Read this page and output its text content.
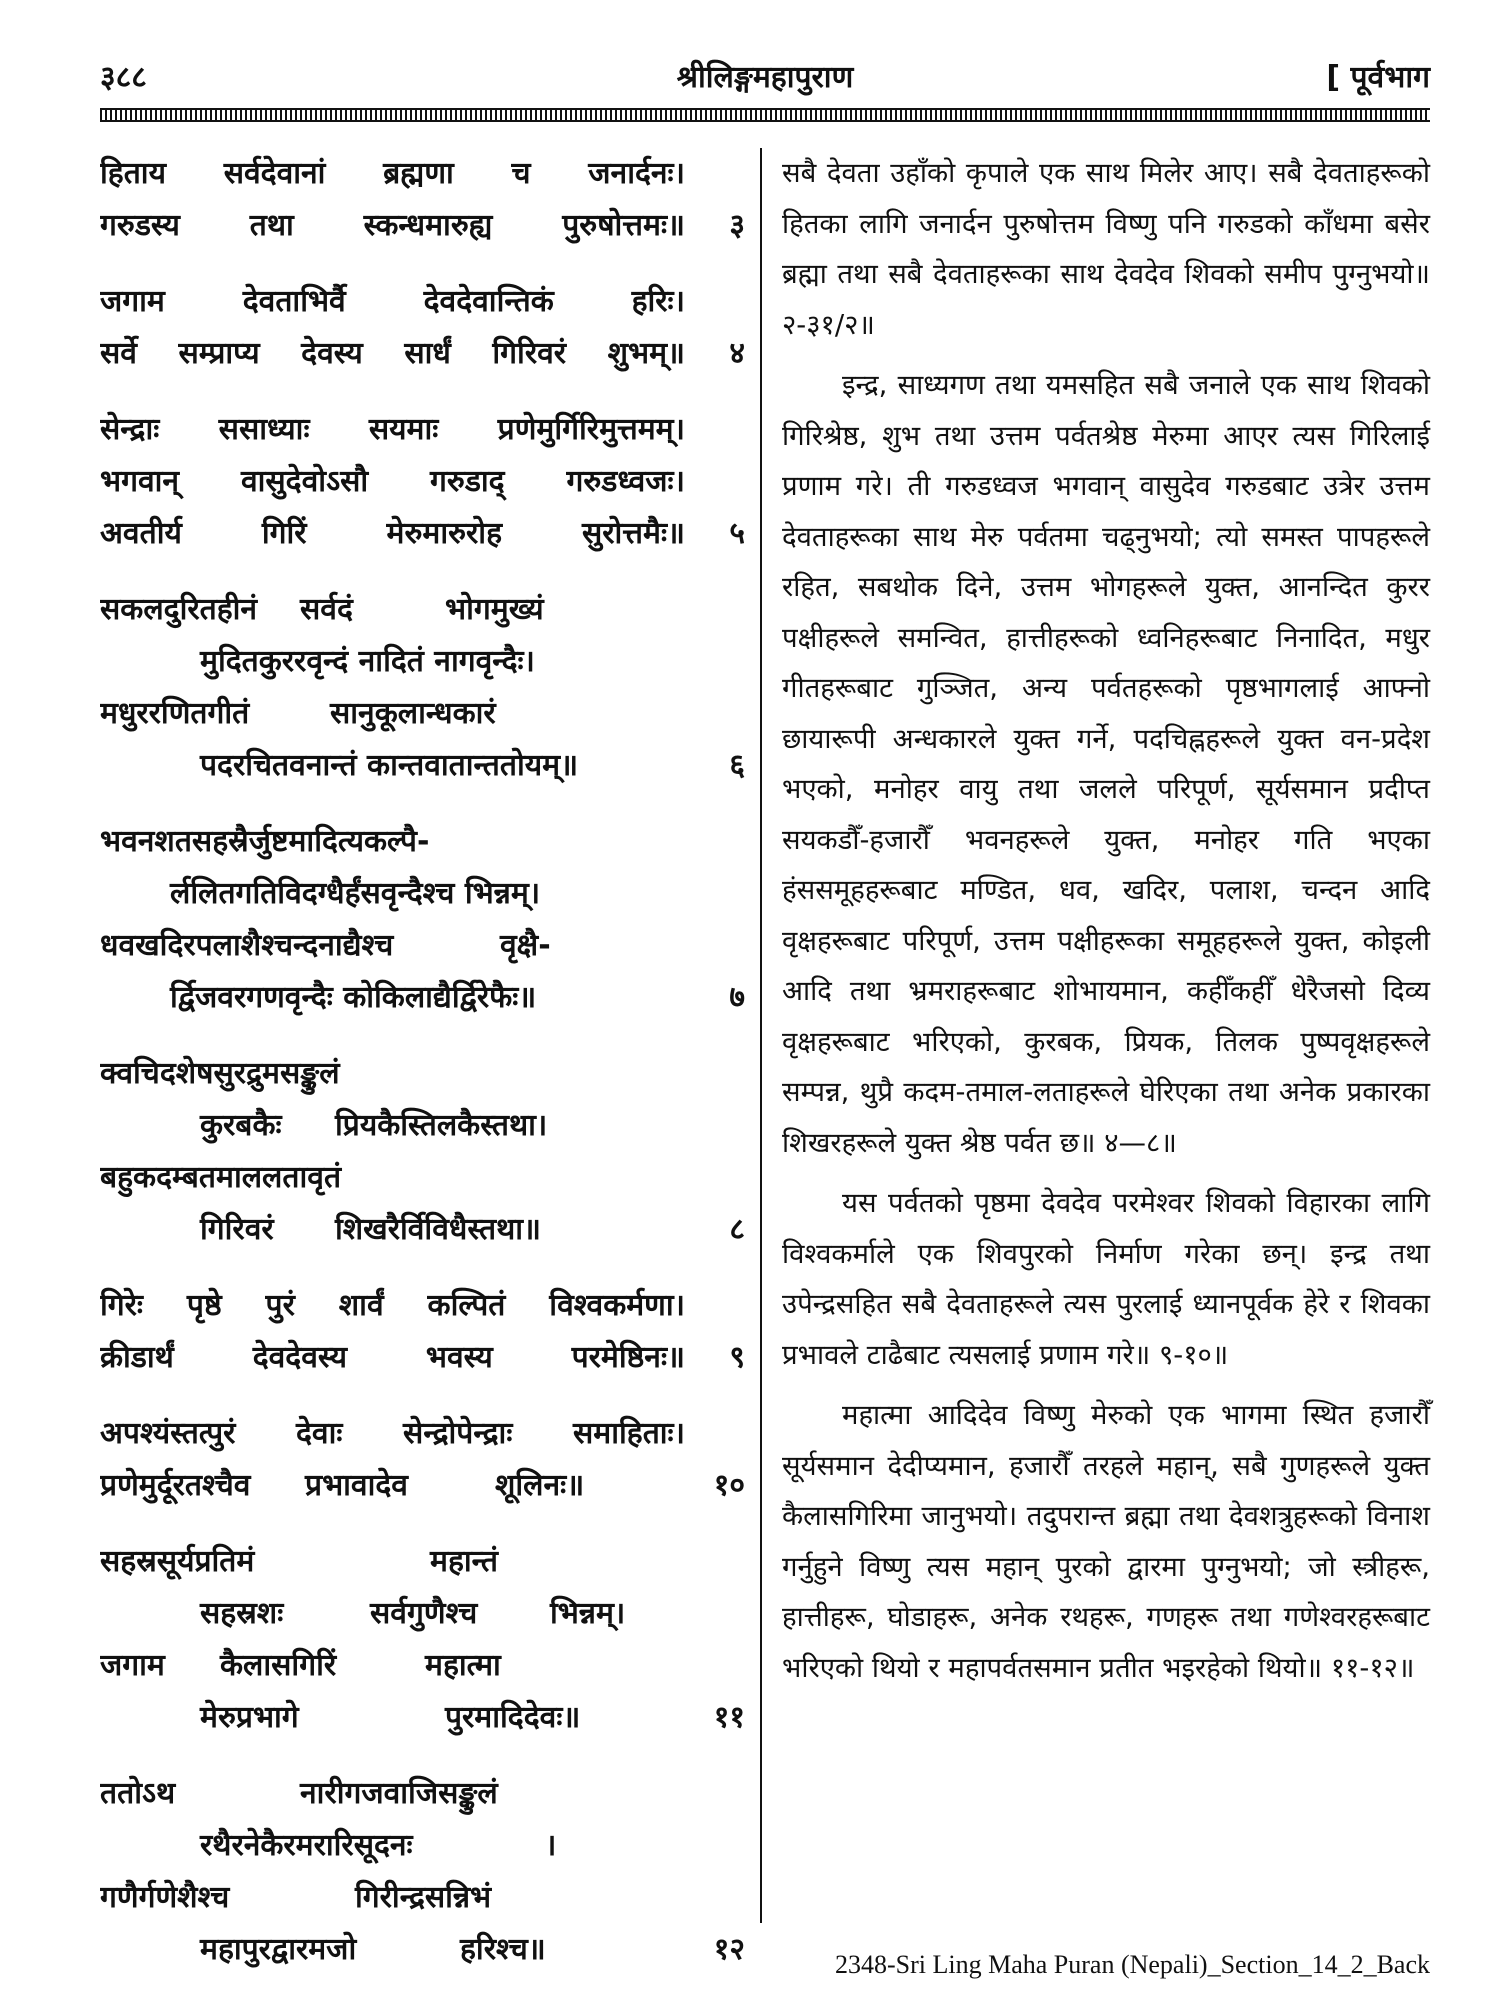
३८८	श्रीलिङ्गमहापुराण	[ पूर्वभाग
हिताय सर्वदेवानां ब्रह्मणा च जनार्दनः।
गरुडस्य तथा स्कन्धमारुह्य पुरुषोत्तमः॥ ३
जगाम देवताभिर्वै देवदेवान्तिकं हरिः।
सर्वे सम्प्राप्य देवस्य सार्धं गिरिवरं शुभम्॥ ४
सेन्द्राः ससाध्याः सयमाः प्रणेमुर्गिरिमुत्तमम्।
भगवान् वासुदेवोऽसौ गरुडाद् गरुडध्वजः।
अवतीर्य गिरिं मेरुमारुरोह सुरोत्तमैः॥ ५
सकलदुरितहीनं सर्वदं	भोगमुख्यं
मुदितकुररवृन्दं नादितं नागवृन्दैः।
मधुररणितगीतं	सानुकूलान्धकारं
पदरचितवनान्तं कान्तवातान्ततोयम्॥	६
भवनशतसहस्रैर्जुष्टमादित्यकल्पै-
र्ललितगतिविदग्धैर्हंसवृन्दैश्च भिन्नम्।
धवखदिरपलाशैश्चन्दनाद्यैश्च	वृक्षै-
र्द्विजवरगणवृन्दैः कोकिलाद्यैर्द्विरेफैः॥	७
क्वचिदशेषसुरद्रुमसङ्कुलं
कुरबकैः प्रियकैस्तिलकैस्तथा।
बहुकदम्बतमाललतावृतं
गिरिवरं शिखरैर्विविधैस्तथा॥	८
गिरेः पृष्ठे पुरं शार्वं कल्पितं विश्वकर्मणा।
क्रीडार्थं देवदेवस्य भवस्य परमेष्ठिनः॥ ९
अपश्यंस्तत्पुरं देवाः सेन्द्रोपेन्द्राः समाहिताः।
प्रणेमुर्दूरतश्चैव प्रभावादेव	शूलिनः॥	१०
सहस्रसूर्यप्रतिमं	महान्तं
सहस्रशः	सर्वगुणैश्च भिन्नम्।
जगाम कैलासगिरिं	महात्मा
मेरुप्रभागे	पुरमादिदेवः॥	११
ततोऽथ	नारीगजवाजिसङ्कुलं
रथैरनेकैरमरारिसूदनः	।
गणैर्गणेशैश्च	गिरीन्द्रसन्निभं
महापुरद्वारमजो	हरिश्च॥	१२

सबै देवता उहाँको कृपाले एक साथ मिलेर आए। सबै देवताहरूको हितका लागि जनार्दन पुरुषोत्तम विष्णु पनि गरुडको काँधमा बसेर ब्रह्मा तथा सबै देवताहरूका साथ देवदेव शिवको समीप पुग्नुभयो॥ २-३१/२॥

इन्द्र, साध्यगण तथा यमसहित सबै जनाले एक साथ शिवको गिरिश्रेष्ठ, शुभ तथा उत्तम पर्वतश्रेष्ठ मेरुमा आएर त्यस गिरिलाई प्रणाम गरे। ती गरुडध्वज भगवान् वासुदेव गरुडबाट उत्रेर उत्तम देवताहरूका साथ मेरु पर्वतमा चढ्नुभयो; त्यो समस्त पापहरूले रहित, सबथोक दिने, उत्तम भोगहरूले युक्त, आनन्दित कुरर पक्षीहरूले समन्वित, हात्तीहरूको ध्वनिहरूबाट निनादित, मधुर गीतहरूबाट गुञ्जित, अन्य पर्वतहरूको पृष्ठभागलाई आफ्नो छायारूपी अन्धकारले युक्त गर्ने, पदचिह्नहरूले युक्त वन-प्रदेश भएको, मनोहर वायु तथा जलले परिपूर्ण, सूर्यसमान प्रदीप्त सयकडौँ-हजारौँ भवनहरूले युक्त, मनोहर गति भएका हंससमूहहरूबाट मण्डित, धव, खदिर, पलाश, चन्दन आदि वृक्षहरूबाट परिपूर्ण, उत्तम पक्षीहरूका समूहहरूले युक्त, कोइली आदि तथा भ्रमराहरूबाट शोभायमान, कहीँकहीँ धेरैजसो दिव्य वृक्षहरूबाट भरिएको, कुरबक, प्रियक, तिलक पुष्पवृक्षहरूले सम्पन्न, थुप्रै कदम-तमाल-लताहरूले घेरिएका तथा अनेक प्रकारका शिखरहरूले युक्त श्रेष्ठ पर्वत छ॥ ४—८॥

यस पर्वतको पृष्ठमा देवदेव परमेश्वर शिवको विहारका लागि विश्वकर्माले एक शिवपुरको निर्माण गरेका छन्। इन्द्र तथा उपेन्द्रसहित सबै देवताहरूले त्यस पुरलाई ध्यानपूर्वक हेरे र शिवका प्रभावले टाढैबाट त्यसलाई प्रणाम गरे॥ ९-१०॥

महात्मा आदिदेव विष्णु मेरुको एक भागमा स्थित हजारौँ सूर्यसमान देदीप्यमान, हजारौँ तरहले महान्, सबै गुणहरूले युक्त कैलासगिरिमा जानुभयो। तदुपरान्त ब्रह्मा तथा देवशत्रुहरूको विनाश गर्नुहुने विष्णु त्यस महान् पुरको द्वारमा पुग्नुभयो; जो स्त्रीहरू, हात्तीहरू, घोडाहरू, अनेक रथहरू, गणहरू तथा गणेश्वरहरूबाट भरिएको थियो र महापर्वतसमान प्रतीत भइरहेको थियो॥ ११-१२॥

2348-Sri Ling Maha Puran (Nepali)_Section_14_2_Back
